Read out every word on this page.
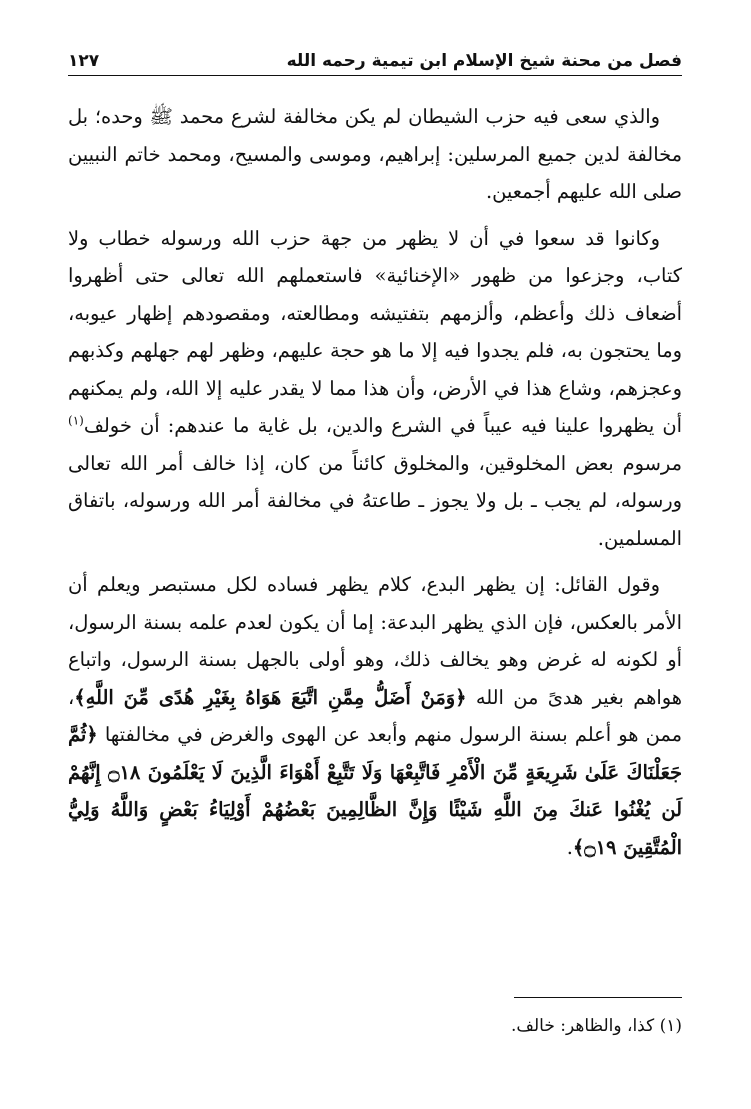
فصل من محنة شيخ الإسلام ابن تيمية رحمه الله
١٢٧

والذي سعى فيه حزب الشيطان لم يكن مخالفة لشرع محمد ﷺ وحده؛ بل مخالفة لدين جميع المرسلين: إبراهيم، وموسى والمسيح، ومحمد خاتم النبيين صلى الله عليهم أجمعين.

وكانوا قد سعوا في أن لا يظهر من جهة حزب الله ورسوله خطاب ولا كتاب، وجزعوا من ظهور «الإخنائية» فاستعملهم الله تعالى حتى أظهروا أضعاف ذلك وأعظم، وألزمهم بتفتيشه ومطالعته، ومقصودهم إظهار عيوبه، وما يحتجون به، فلم يجدوا فيه إلا ما هو حجة عليهم، وظهر لهم جهلهم وكذبهم وعجزهم، وشاع هذا في الأرض، وأن هذا مما لا يقدر عليه إلا الله، ولم يمكنهم أن يظهروا علينا فيه عيباً في الشرع والدين، بل غاية ما عندهم: أن خولف$^{(١)}$ مرسوم بعض المخلوقين، والمخلوق كائناً من كان، إذا خالف أمر الله تعالى ورسوله، لم يجب ـ بل ولا يجوز ـ طاعتهُ في مخالفة أمر الله ورسوله، باتفاق المسلمين.

وقول القائل: إن يظهر البدع، كلام يظهر فساده لكل مستبصر ويعلم أن الأمر بالعكس، فإن الذي يظهر البدعة: إما أن يكون لعدم علمه بسنة الرسول، أو لكونه له غرض وهو يخالف ذلك، وهو أولى بالجهل بسنة الرسول، واتباع هواهم بغير هدىً من الله ﴿وَمَنْ أَضَلُّ مِمَّنِ اتَّبَعَ هَوَاهُ بِغَيْرِ هُدًى مِّنَ اللَّهِ﴾، ممن هو أعلم بسنة الرسول منهم وأبعد عن الهوى والغرض في مخالفتها ﴿ثُمَّ جَعَلْنَاكَ عَلَىٰ شَرِيعَةٍ مِّنَ الْأَمْرِ فَاتَّبِعْهَا وَلَا تَتَّبِعْ أَهْوَاءَ الَّذِينَ لَا يَعْلَمُونَ ۝١٨ إِنَّهُمْ لَن يُغْنُوا عَنكَ مِنَ اللَّهِ شَيْئًا وَإِنَّ الظَّالِمِينَ بَعْضُهُمْ أَوْلِيَاءُ بَعْضٍ وَاللَّهُ وَلِيُّ الْمُتَّقِينَ ۝١٩﴾.

(١) كذا، والظاهر: خالف.
